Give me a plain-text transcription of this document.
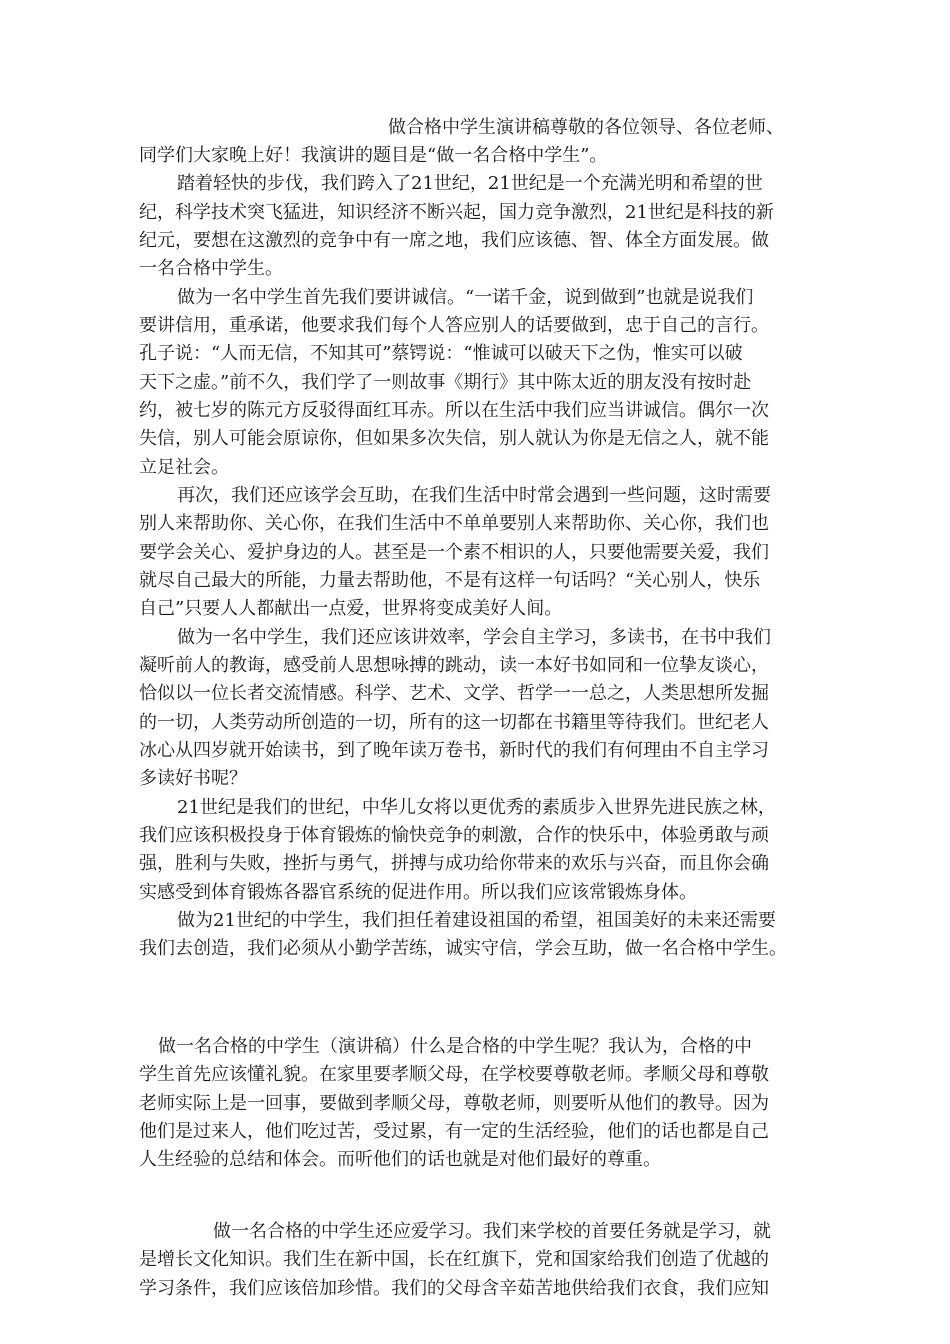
做合格中学生演讲稿尊敬的各位领导、各位老师、
同学们大家晚上好！我演讲的题目是“做一名合格中学生”。
踏着轻快的步伐，我们跨入了21世纪，21世纪是一个充满光明和希望的世
纪，科学技术突飞猛进，知识经济不断兴起，国力竞争激烈，21世纪是科技的新
纪元，要想在这激烈的竞争中有一席之地，我们应该德、智、体全方面发展。做
一名合格中学生。
做为一名中学生首先我们要讲诚信。“一诺千金，说到做到”也就是说我们
要讲信用，重承诺，他要求我们每个人答应别人的话要做到，忠于自己的言行。
孔子说：“人而无信，不知其可”蔡锷说：“惟诚可以破天下之伪，惟实可以破
天下之虚。”前不久，我们学了一则故事《期行》其中陈太近的朋友没有按时赴
约，被七岁的陈元方反驳得面红耳赤。所以在生活中我们应当讲诚信。偶尔一次
失信，别人可能会原谅你，但如果多次失信，别人就认为你是无信之人，就不能
立足社会。
再次，我们还应该学会互助，在我们生活中时常会遇到一些问题，这时需要
别人来帮助你、关心你，在我们生活中不单单要别人来帮助你、关心你，我们也
要学会关心、爱护身边的人。甚至是一个素不相识的人，只要他需要关爱，我们
就尽自己最大的所能，力量去帮助他，不是有这样一句话吗？“关心别人，快乐
自己”只要人人都献出一点爱，世界将变成美好人间。
做为一名中学生，我们还应该讲效率，学会自主学习，多读书，在书中我们
凝听前人的教诲，感受前人思想咏搏的跳动，读一本好书如同和一位挚友谈心，
恰似以一位长者交流情感。科学、艺术、文学、哲学一一总之，人类思想所发掘
的一切，人类劳动所创造的一切，所有的这一切都在书籍里等待我们。世纪老人
冰心从四岁就开始读书，到了晚年读万卷书，新时代的我们有何理由不自主学习
多读好书呢？
21世纪是我们的世纪，中华儿女将以更优秀的素质步入世界先进民族之林，
我们应该积极投身于体育锻炼的愉快竞争的刺激，合作的快乐中，体验勇敢与顽
强，胜利与失败，挫折与勇气，拼搏与成功给你带来的欢乐与兴奋，而且你会确
实感受到体育锻炼各器官系统的促进作用。所以我们应该常锻炼身体。
做为21世纪的中学生，我们担任着建设祖国的希望，祖国美好的未来还需要
我们去创造，我们必须从小勤学苦练，诚实守信，学会互助，做一名合格中学生。
做一名合格的中学生（演讲稿）什么是合格的中学生呢？我认为，合格的中
学生首先应该懂礼貌。在家里要孝顺父母，在学校要尊敬老师。孝顺父母和尊敬
老师实际上是一回事，要做到孝顺父母，尊敬老师，则要听从他们的教导。因为
他们是过来人，他们吃过苦，受过累，有一定的生活经验，他们的话也都是自己
人生经验的总结和体会。而听他们的话也就是对他们最好的尊重。
做一名合格的中学生还应爱学习。我们来学校的首要任务就是学习，就
是增长文化知识。我们生在新中国，长在红旗下，党和国家给我们创造了优越的
学习条件，我们应该倍加珍惜。我们的父母含辛茹苦地供给我们衣食，我们应知
